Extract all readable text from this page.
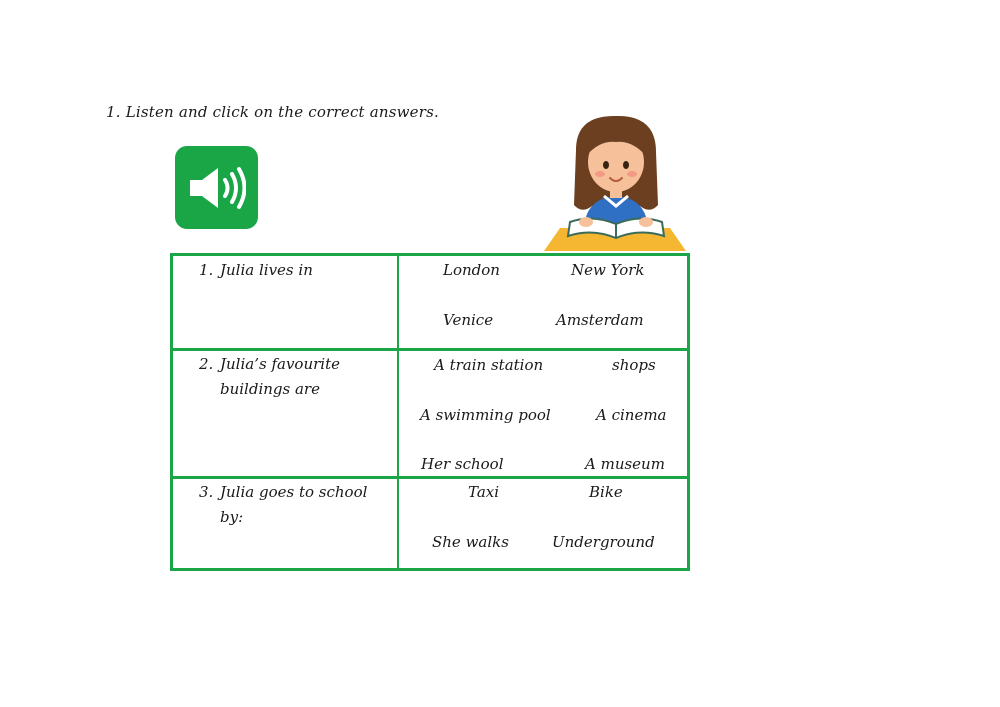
1. Listen and click on the correct answers.
1. Julia lives in	London	New York
Venice	Amsterdam
2. Julia’s favourite buildings are
A train station	shops
A swimming pool	A cinema
Her school	A museum
3. Julia goes to school by:
Taxi	Bike
She walks	Underground
